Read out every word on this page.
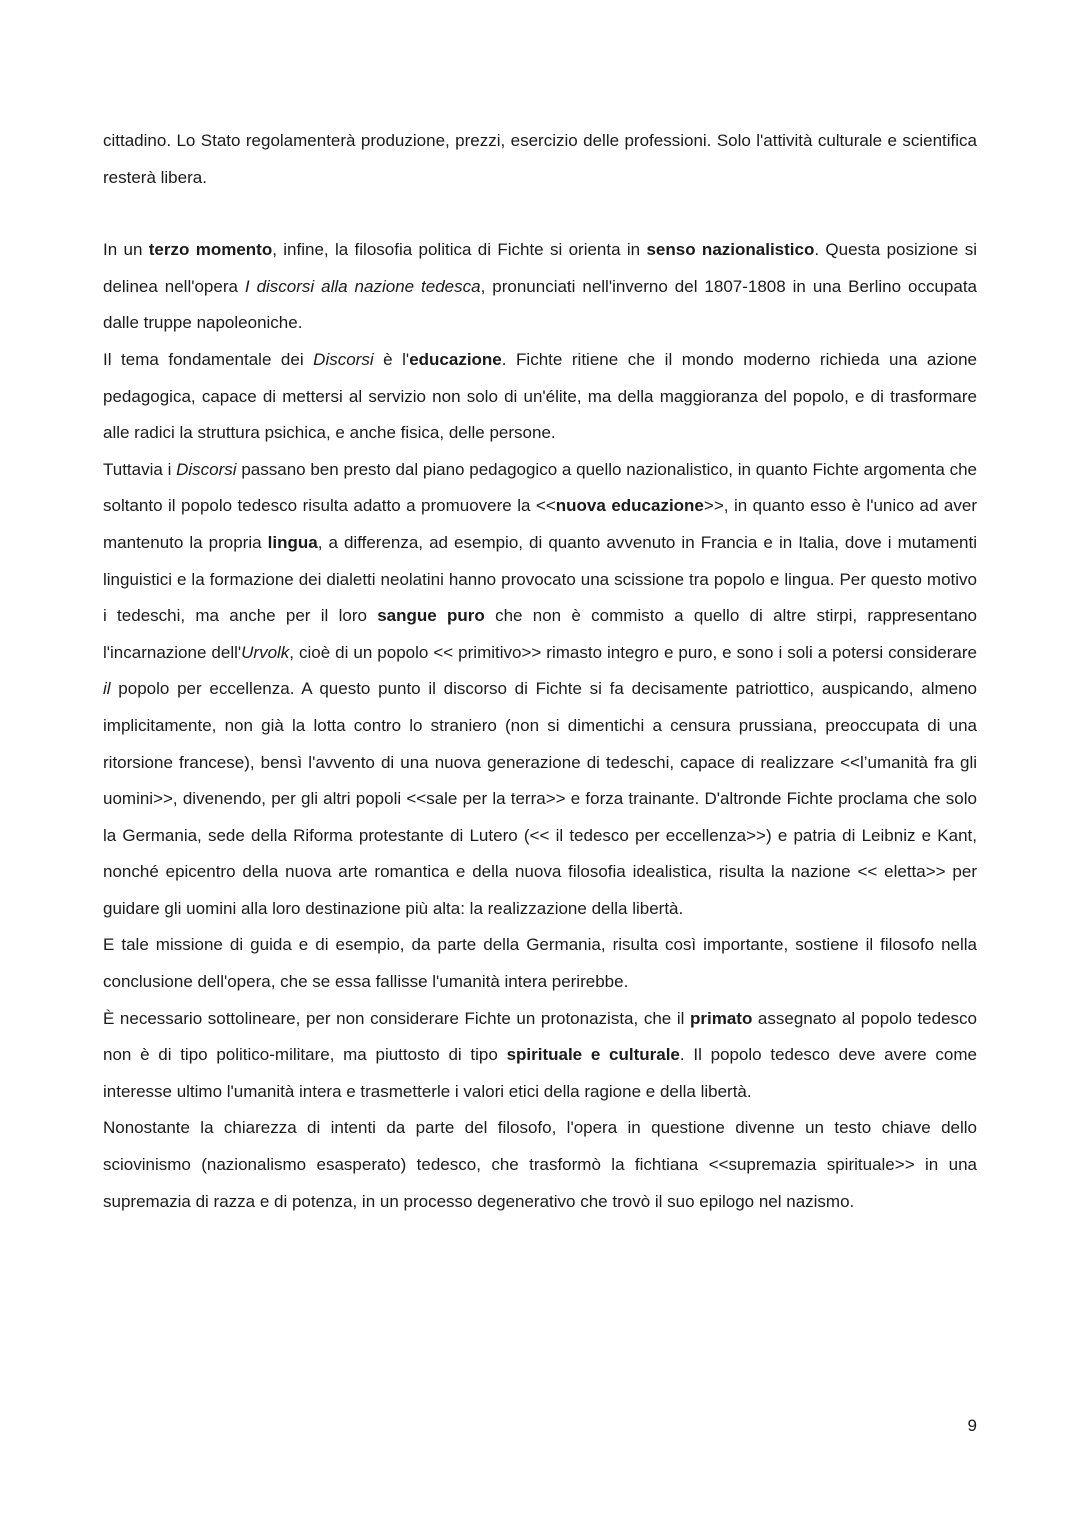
cittadino. Lo Stato regolamenterà produzione, prezzi, esercizio delle professioni. Solo l'attività culturale e scientifica resterà libera.

In un terzo momento, infine, la filosofia politica di Fichte si orienta in senso nazionalistico. Questa posizione si delinea nell'opera I discorsi alla nazione tedesca, pronunciati nell'inverno del 1807-1808 in una Berlino occupata dalle truppe napoleoniche.

Il tema fondamentale dei Discorsi è l'educazione. Fichte ritiene che il mondo moderno richieda una azione pedagogica, capace di mettersi al servizio non solo di un'élite, ma della maggioranza del popolo, e di trasformare alle radici la struttura psichica, e anche fisica, delle persone.

Tuttavia i Discorsi passano ben presto dal piano pedagogico a quello nazionalistico, in quanto Fichte argomenta che soltanto il popolo tedesco risulta adatto a promuovere la <<nuova educazione>>, in quanto esso è l'unico ad aver mantenuto la propria lingua, a differenza, ad esempio, di quanto avvenuto in Francia e in Italia, dove i mutamenti linguistici e la formazione dei dialetti neolatini hanno provocato una scissione tra popolo e lingua. Per questo motivo i tedeschi, ma anche per il loro sangue puro che non è commisto a quello di altre stirpi, rappresentano l'incarnazione dell'Urvolk, cioè di un popolo << primitivo>> rimasto integro e puro, e sono i soli a potersi considerare il popolo per eccellenza. A questo punto il discorso di Fichte si fa decisamente patriottico, auspicando, almeno implicitamente, non già la lotta contro lo straniero (non si dimentichi a censura prussiana, preoccupata di una ritorsione francese), bensì l'avvento di una nuova generazione di tedeschi, capace di realizzare <<l’umanità fra gli uomini>>, divenendo, per gli altri popoli <<sale per la terra>> e forza trainante. D'altronde Fichte proclama che solo la Germania, sede della Riforma protestante di Lutero (<< il tedesco per eccellenza>>) e patria di Leibniz e Kant, nonché epicentro della nuova arte romantica e della nuova filosofia idealistica, risulta la nazione << eletta>> per guidare gli uomini alla loro destinazione più alta: la realizzazione della libertà.

E tale missione di guida e di esempio, da parte della Germania, risulta così importante, sostiene il filosofo nella conclusione dell'opera, che se essa fallisse l'umanità intera perirebbe.

È necessario sottolineare, per non considerare Fichte un protonazista, che il primato assegnato al popolo tedesco non è di tipo politico-militare, ma piuttosto di tipo spirituale e culturale. Il popolo tedesco deve avere come interesse ultimo l'umanità intera e trasmetterle i valori etici della ragione e della libertà.

Nonostante la chiarezza di intenti da parte del filosofo, l'opera in questione divenne un testo chiave dello sciovinismo (nazionalismo esasperato) tedesco, che trasformò la fichtiana <<supremazia spirituale>> in una supremazia di razza e di potenza, in un processo degenerativo che trovò il suo epilogo nel nazismo.

9
